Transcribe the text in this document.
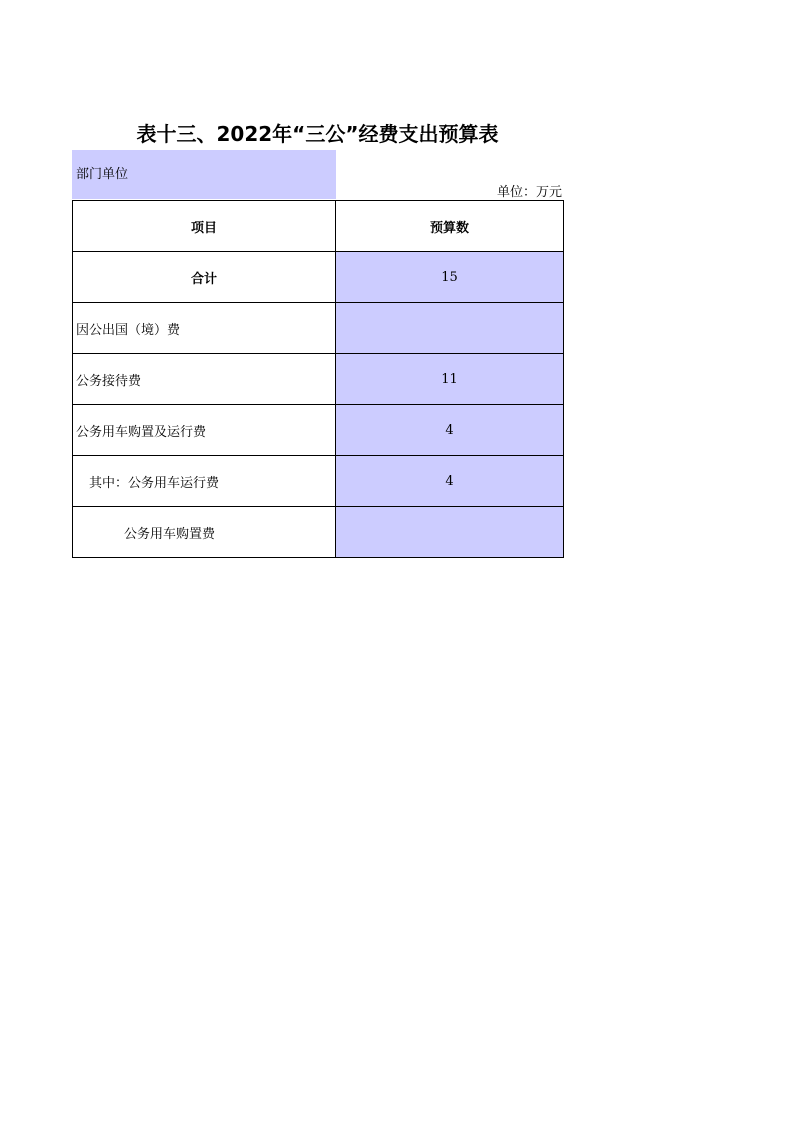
表十三、2022年“三公”经费支出预算表
部门单位
单位：万元
项目	预算数
合计	15
因公出国（境）费	
公务接待费	11
公务用车购置及运行费	4
其中：公务用车运行费	4
公务用车购置费	
